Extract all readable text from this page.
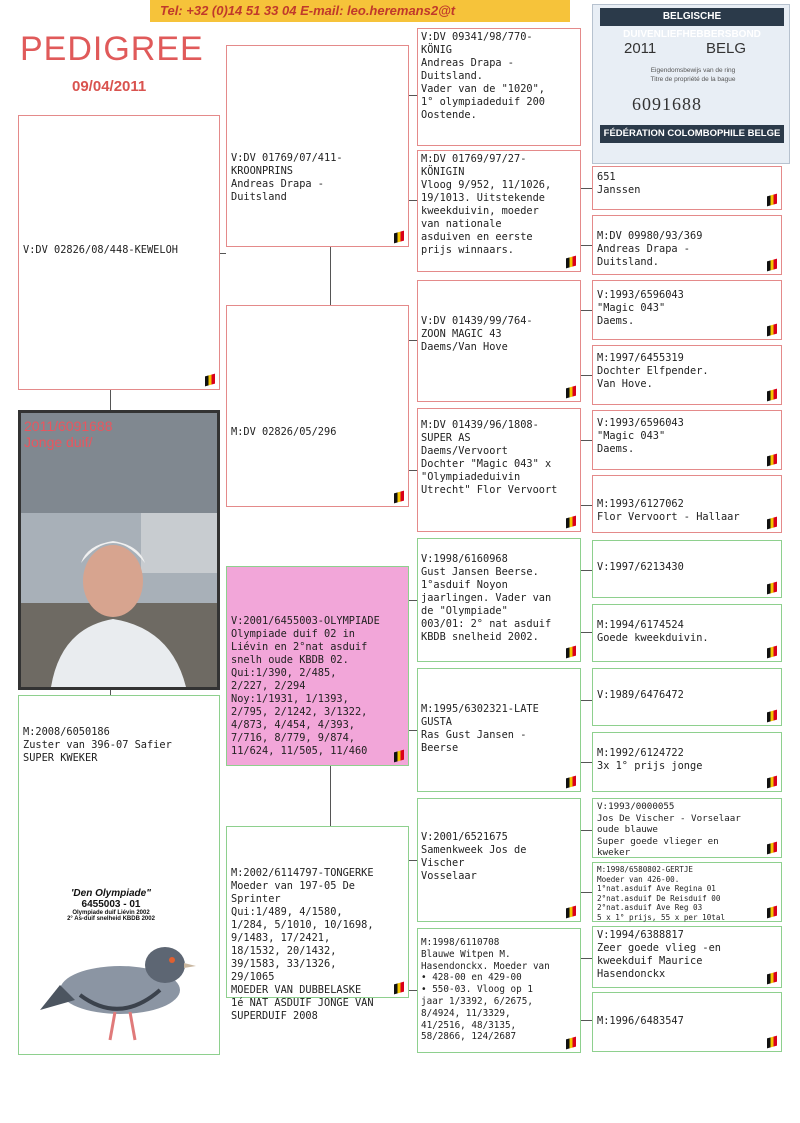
Tel: +32 (0)14 51 33 04 E-mail: leo.heremans2@t
PEDIGREE
09/04/2011
BELGISCHE DUIVENLIEFHEBBERSBOND
2011	BELG
Eigendomsbewijs van de ring
Titre de propriété de la bague
6091688
FÉDÉRATION COLOMBOPHILE BELGE

V:DV 02826/08/448-KEWELOH

2011/6091688
Jonge duif/

M:2008/6050186
Zuster van 396-07 Safier
SUPER KWEKER

'Den Olympiade"
6455003 - 01
Olympiade duif Liévin 2002
2° As-duif snelheid KBDB 2002

V:DV 01769/07/411-
KROONPRINS
Andreas Drapa -
Duitsland

M:DV 02826/05/296

V:2001/6455003-OLYMPIADE
Olympiade duif 02 in
Liévin en 2°nat asduif
snelh oude KBDB 02.
Qui:1/390, 2/485,
2/227, 2/294
Noy:1/1931, 1/1393,
2/795, 2/1242, 3/1322,
4/873, 4/454, 4/393,
7/716, 8/779, 9/874,
11/624, 11/505, 11/460

M:2002/6114797-TONGERKE
Moeder van 197-05 De
Sprinter
Qui:1/489, 4/1580,
1/284, 5/1010, 10/1698,
9/1483, 17/2421,
18/1532, 20/1432,
39/1583, 33/1326,
29/1065
MOEDER VAN DUBBELASKE
1é NAT ASDUIF JONGE VAN
SUPERDUIF 2008

V:DV 09341/98/770-
KÖNIG
Andreas Drapa -
Duitsland.
Vader van de "1020",
1° olympiadeduif 200
Oostende.
M:DV 01769/97/27-
KÖNIGIN
Vloog 9/952, 11/1026,
19/1013. Uitstekende
kweekduivin, moeder
van nationale
asduiven en eerste
prijs winnaars.
V:DV 01439/99/764-
ZOON MAGIC 43
Daems/Van Hove
M:DV 01439/96/1808-
SUPER AS
Daems/Vervoort
Dochter "Magic 043" x
"Olympiadeduivin
Utrecht" Flor Vervoort
V:1998/6160968
Gust Jansen Beerse.
1°asduif Noyon
jaarlingen. Vader van
de "Olympiade"
003/01: 2° nat asduif
KBDB snelheid 2002.
M:1995/6302321-LATE
GUSTA
Ras Gust Jansen -
Beerse
V:2001/6521675
Samenkweek Jos de
Vischer
Vosselaar
M:1998/6110708
Blauwe Witpen M.
Hasendonckx. Moeder van
• 428-00 en 429-00
• 550-03. Vloog op 1
jaar 1/3392, 6/2675,
8/4924, 11/3329,
41/2516, 48/3135,
58/2866, 124/2687
651
Janssen
M:DV 09980/93/369
Andreas Drapa -
Duitsland.
V:1993/6596043
"Magic 043"
Daems.
M:1997/6455319
Dochter Elfpender.
Van Hove.
V:1993/6596043
"Magic 043"
Daems.
M:1993/6127062
Flor Vervoort - Hallaar
V:1997/6213430
M:1994/6174524
Goede kweekduivin.
V:1989/6476472
M:1992/6124722
3x 1° prijs jonge
V:1993/0000055
Jos De Vischer - Vorselaar
oude blauwe
Super goede vlieger en
kweker
M:1998/6580802-GERTJE
Moeder van 426-00.
1°nat.asduif Ave Regina 01
2°nat.asduif De Reisduif 00
2°nat.asduif Ave Reg 03
5 x 1° prijs, 55 x per 10tal
V:1994/6388817
Zeer goede vlieg -en
kweekduif Maurice
Hasendonckx
M:1996/6483547
